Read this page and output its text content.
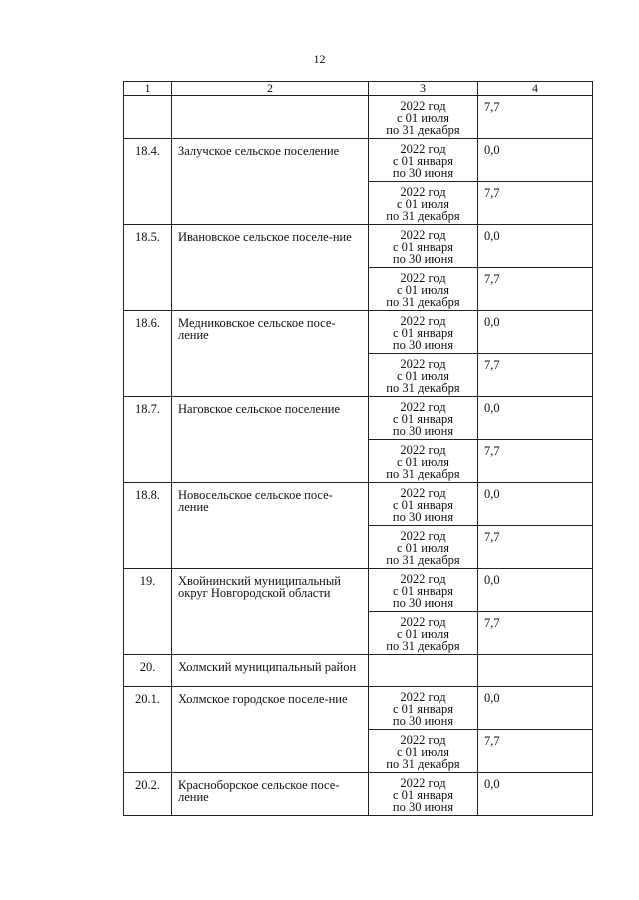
12
1	2	3	4

		2022 год
с 01 июля
по 31 декабря	7,7
18.4.	Залучское сельское поселение	2022 год
с 01 января
по 30 июня	0,0

		2022 год
с 01 июля
по 31 декабря	7,7
18.5.	Ивановское сельское поселе-ние	2022 год
с 01 января
по 30 июня	0,0

		2022 год
с 01 июля
по 31 декабря	7,7
18.6.	Медниковское сельское посе-ление	2022 год
с 01 января
по 30 июня	0,0

		2022 год
с 01 июля
по 31 декабря	7,7
18.7.	Наговское сельское поселение	2022 год
с 01 января
по 30 июня	0,0

		2022 год
с 01 июля
по 31 декабря	7,7
18.8.	Новосельское сельское посе-ление	2022 год
с 01 января
по 30 июня	0,0

		2022 год
с 01 июля
по 31 декабря	7,7
19.	Хвойнинский муниципальный округ Новгородской области	2022 год
с 01 января
по 30 июня	0,0

		2022 год
с 01 июля
по 31 декабря	7,7
20.	Холмский муниципальный район		
20.1.	Холмское городское поселе-ние	2022 год
с 01 января
по 30 июня	0,0

		2022 год
с 01 июля
по 31 декабря	7,7
20.2.	Красноборское сельское посе-ление	2022 год
с 01 января
по 30 июня	0,0
